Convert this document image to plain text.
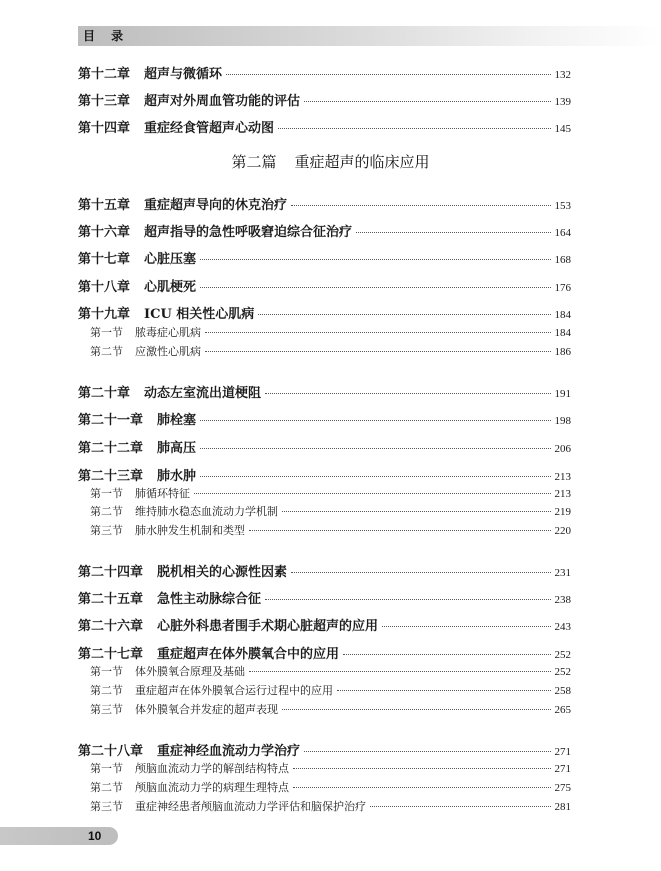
目 录
第二篇 重症超声的临床应用
第十二章 超声与微循环	132
第十三章 超声对外周血管功能的评估	139
第十四章 重症经食管超声心动图	145
第十五章 重症超声导向的休克治疗	153
第十六章 超声指导的急性呼吸窘迫综合征治疗	164
第十七章 心脏压塞	168
第十八章 心肌梗死	176
第十九章 ICU 相关性心肌病	184
第一节 脓毒症心肌病	184
第二节 应激性心肌病	186
第二十章 动态左室流出道梗阻	191
第二十一章 肺栓塞	198
第二十二章 肺高压	206
第二十三章 肺水肿	213
第一节 肺循环特征	213
第二节 维持肺水稳态血流动力学机制	219
第三节 肺水肿发生机制和类型	220
第二十四章 脱机相关的心源性因素	231
第二十五章 急性主动脉综合征	238
第二十六章 心脏外科患者围手术期心脏超声的应用	243
第二十七章 重症超声在体外膜氧合中的应用	252
第一节 体外膜氧合原理及基础	252
第二节 重症超声在体外膜氧合运行过程中的应用	258
第三节 体外膜氧合并发症的超声表现	265
第二十八章 重症神经血流动力学治疗	271
第一节 颅脑血流动力学的解剖结构特点	271
第二节 颅脑血流动力学的病理生理特点	275
第三节 重症神经患者颅脑血流动力学评估和脑保护治疗	281
10
